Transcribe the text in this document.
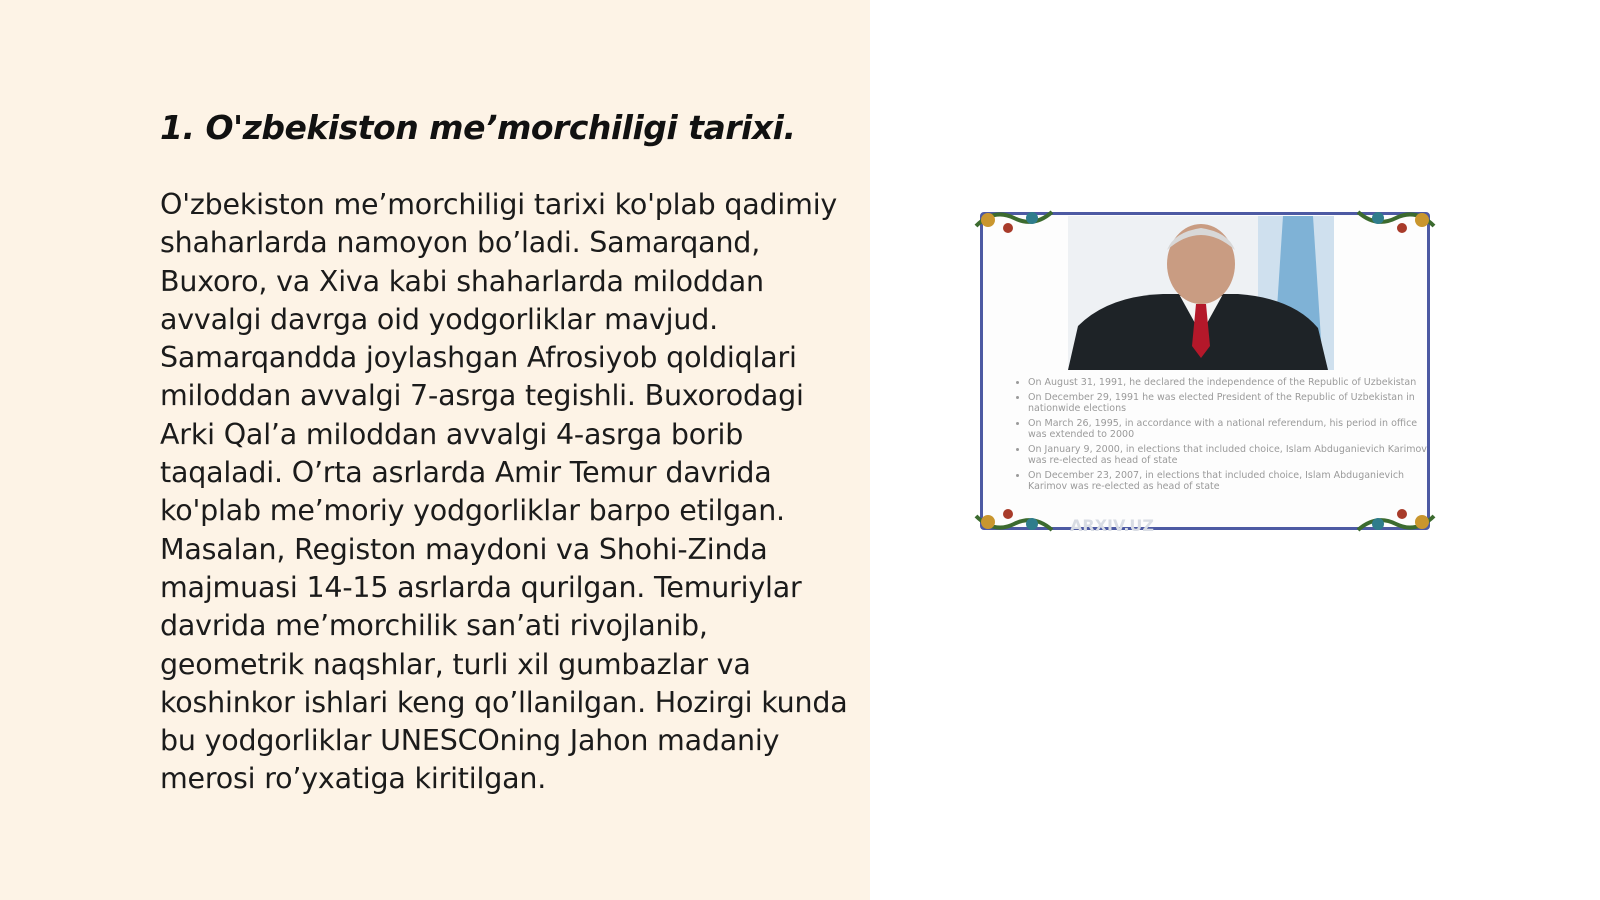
1. O'zbekiston me’morchiligi tarixi.
O'zbekiston me’morchiligi tarixi ko'plab qadimiy shaharlarda namoyon bo’ladi. Samarqand, Buxoro, va Xiva kabi shaharlarda miloddan avvalgi davrga oid yodgorliklar mavjud. Samarqandda joylashgan Afrosiyob qoldiqlari miloddan avvalgi 7-asrga tegishli. Buxorodagi Arki Qal’a miloddan avvalgi 4-asrga borib taqaladi. O’rta asrlarda Amir Temur davrida ko'plab me’moriy yodgorliklar barpo etilgan. Masalan, Registon maydoni va Shohi-Zinda majmuasi 14-15 asrlarda qurilgan. Temuriylar davrida me’morchilik san’ati rivojlanib, geometrik naqshlar, turli xil gumbazlar va koshinkor ishlari keng qo’llanilgan. Hozirgi kunda bu yodgorliklar UNESCOning Jahon madaniy merosi ro’yxatiga kiritilgan.
• On August 31, 1991, he declared the independence of the Republic of Uzbekistan
• On December 29, 1991 he was elected President of the Republic of Uzbekistan in nationwide elections
• On March 26, 1995, in accordance with a national referendum, his period in office was extended to 2000
• On January 9, 2000, in elections that included choice, Islam Abduganievich Karimov was re-elected as head of state
• On December 23, 2007, in elections that included choice, Islam Abduganievich Karimov was re-elected as head of state
ARXIV.UZ
